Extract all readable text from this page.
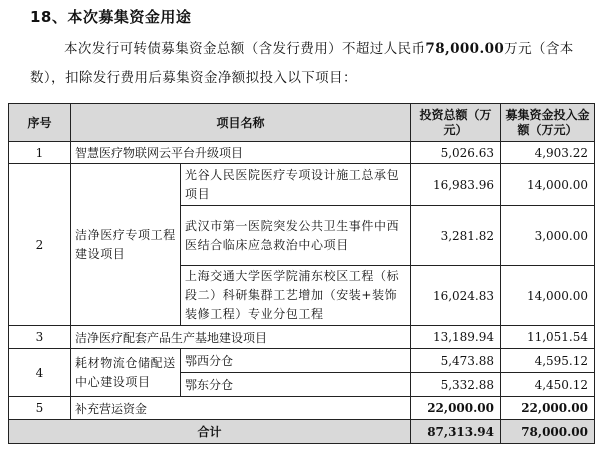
18、本次募集资金用途
本次发行可转债募集资金总额（含发行费用）不超过人民币78,000.00万元（含本数），扣除发行费用后募集资金净额拟投入以下项目：
序号	项目名称		投资总额（万元）	募集资金投入金额（万元）
1	智慧医疗物联网云平台升级项目		5,026.63	4,903.22
2	洁净医疗专项工程建设项目	光谷人民医院医疗专项设计施工总承包项目	16,983.96	14,000.00
		武汉市第一医院突发公共卫生事件中西医结合临床应急救治中心项目	3,281.82	3,000.00
		上海交通大学医学院浦东校区工程（标段二）科研集群工艺增加（安装+装饰装修工程）专业分包工程	16,024.83	14,000.00
3	洁净医疗配套产品生产基地建设项目		13,189.94	11,051.54
4	耗材物流仓储配送中心建设项目	鄂西分仓	5,473.88	4,595.12
		鄂东分仓	5,332.88	4,450.12
5	补充营运资金		22,000.00	22,000.00
合计			87,313.94	78,000.00
